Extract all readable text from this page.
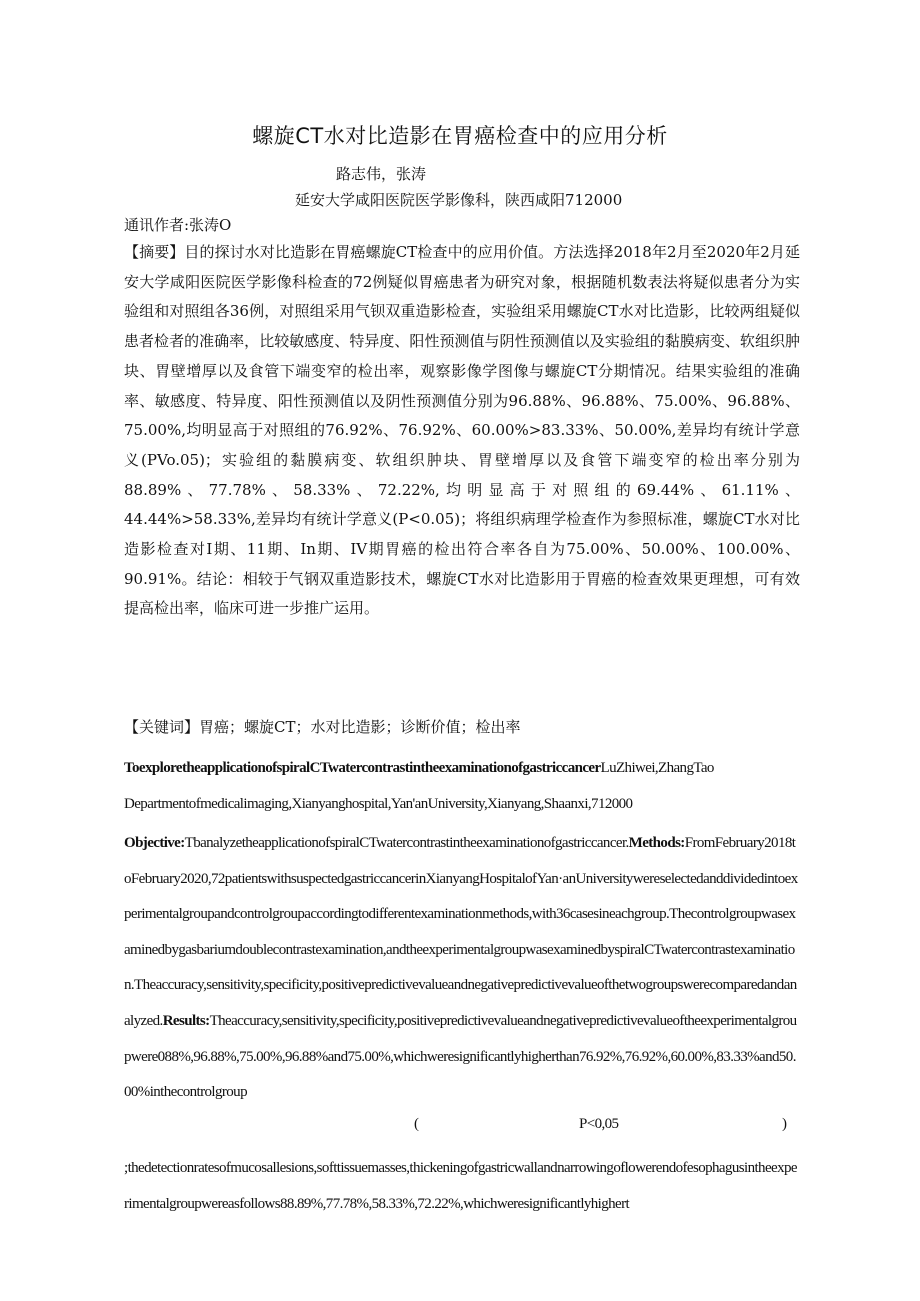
螺旋CT水对比造影在胃癌检查中的应用分析
路志伟，张涛
延安大学咸阳医院医学影像科，陕西咸阳712000
通讯作者:张涛O
【摘要】目的探讨水对比造影在胃癌螺旋CT检查中的应用价值。方法选择2018年2月至2020年2月延安大学咸阳医院医学影像科检查的72例疑似胃癌患者为研究对象，根据随机数表法将疑似患者分为实验组和对照组各36例，对照组采用气钡双重造影检查，实验组采用螺旋CT水对比造影，比较两组疑似患者检者的准确率，比较敏感度、特异度、阳性预测值与阴性预测值以及实验组的黏膜病变、软组织肿块、胃壁增厚以及食管下端变窄的检出率，观察影像学图像与螺旋CT分期情况。结果实验组的准确率、敏感度、特异度、阳性预测值以及阴性预测值分别为96.88%、96.88%、75.00%、96.88%、75.00%,均明显高于对照组的76.92%、76.92%、60.00%>83.33%、50.00%,差异均有统计学意义(PVo.05)；实验组的黏膜病变、软组织肿块、胃壁增厚以及食管下端变窄的检出率分别为88.89%、77.78%、58.33%、72.22%,均明显高于对照组的69.44%、61.11%、44.44%>58.33%,差异均有统计学意义(P<0.05)；将组织病理学检查作为参照标准，螺旋CT水对比造影检查对I期、11期、In期、IV期胃癌的检出符合率各自为75.00%、50.00%、100.00%、90.91%。结论：相较于气钢双重造影技术，螺旋CT水对比造影用于胃癌的检查效果更理想，可有效提高检出率，临床可进一步推广运用。
【关键词】胃癌；螺旋CT；水对比造影；诊断价值；检出率
ToexploretheapplicationofspiralCTwatercontrastintheexaminationofgastriccancerLuZhiwei,ZhangTao
Departmentofmedicalimaging,Xianyanghospital,Yan'anUniversity,Xianyang,Shaanxi,712000
Objective:TbanalyzetheapplicationofspiralCTwatercontrastintheexaminationofgastriccancer.Methods:FromFebruary2018toFebruary2020,72patientswithsuspectedgastriccancerinXianyangHospitalofYan·anUniversitywereselectedanddividedintoexperimentalgroupandcontrolgroupaccordingtodifferentexaminationmethods,with36casesineachgroup.Thecontrolgroupwasexaminedbygasbariumdoublecontrastexamination,andtheexperimentalgroupwasexaminedbyspiralCTwatercontrastexamination.Theaccuracy,sensitivity,specificity,positivepredictivevalueandnegativepredictivevalueofthetwogroupswerecomparedandanalyzed.Results:Theaccuracy,sensitivity,specificity,positivepredictivevalueandnegativepredictivevalueoftheexperimentalgroupwere088%,96.88%,75.00%,96.88%and75.00%,whichweresignificantlyhigherthan76.92%,76.92%,60.00%,83.33%and50.00%inthecontrolgroup
(	P<0,05	)
;thedetectionratesofmucosallesions,softtissuemasses,thickeningofgastricwallandnarrowingoflowerendofesophagusintheexperimentalgroupwereasfollows88.89%,77.78%,58.33%,72.22%,whichweresignificantlyhighert
